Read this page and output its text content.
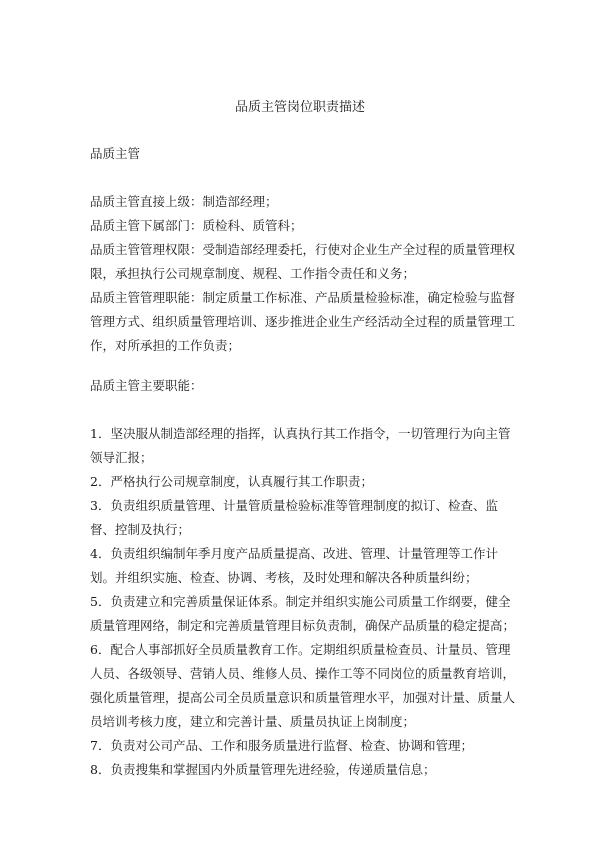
品质主管岗位职责描述
品质主管

品质主管直接上级：制造部经理；

品质主管下属部门：质检科、质管科；

品质主管管理权限：受制造部经理委托，行使对企业生产全过程的质量管理权限，承担执行公司规章制度、规程、工作指令责任和义务；

品质主管管理职能：制定质量工作标准、产品质量检验标准，确定检验与监督管理方式、组织质量管理培训、逐步推进企业生产经活动全过程的质量管理工作，对所承担的工作负责；

品质主管主要职能：

1．坚决服从制造部经理的指挥，认真执行其工作指令，一切管理行为向主管领导汇报；

2．严格执行公司规章制度，认真履行其工作职责；

3．负责组织质量管理、计量管质量检验标准等管理制度的拟订、检查、监督、控制及执行；

4．负责组织编制年季月度产品质量提高、改进、管理、计量管理等工作计划。并组织实施、检查、协调、考核，及时处理和解决各种质量纠纷；

5．负责建立和完善质量保证体系。制定并组织实施公司质量工作纲要，健全质量管理网络，制定和完善质量管理目标负责制，确保产品质量的稳定提高；

6．配合人事部抓好全员质量教育工作。定期组织质量检查员、计量员、管理人员、各级领导、营销人员、维修人员、操作工等不同岗位的质量教育培训，强化质量管理，提高公司全员质量意识和质量管理水平，加强对计量、质量人员培训考核力度，建立和完善计量、质量员执证上岗制度；

7．负责对公司产品、工作和服务质量进行监督、检查、协调和管理；

8．负责搜集和掌握国内外质量管理先进经验，传递质量信息；
